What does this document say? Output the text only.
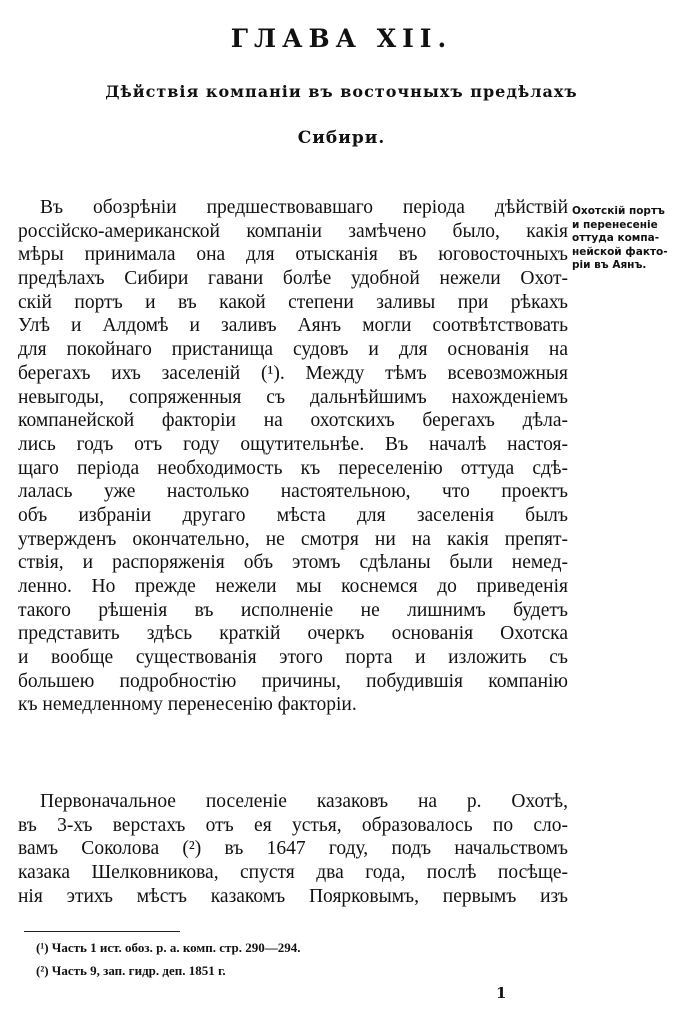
ГЛАВА XII.
Дѣйствія компаніи въ восточныхъ предѣлахъ
Сибири.
Охотскій портъ
и перенесеніе
оттуда компа-
нейской факто-
ріи въ Аянъ.
Въ обозрѣніи предшествовавшаго періода дѣйствій
россійско-американской компаніи замѣчено было, какія
мѣры принимала она для отысканія въ юговосточныхъ
предѣлахъ Сибири гавани болѣе удобной нежели Охот-
скій портъ и въ какой степени заливы при рѣкахъ
Улѣ и Алдомѣ и заливъ Аянъ могли соотвѣтствовать
для покойнаго пристанища судовъ и для основанія на
берегахъ ихъ заселеній (¹). Между тѣмъ всевозможныя
невыгоды, сопряженныя съ дальнѣйшимъ нахожденіемъ
компанейской факторіи на охотскихъ берегахъ дѣла-
лись годъ отъ году ощутительнѣе. Въ началѣ настоя-
щаго періода необходимость къ переселенію оттуда сдѣ-
лалась уже настолько настоятельною, что проектъ
объ избраніи другаго мѣста для заселенія былъ
утвержденъ окончательно, не смотря ни на какія препят-
ствія, и распоряженія объ этомъ сдѣланы были немед-
ленно. Но прежде нежели мы коснемся до приведенія
такого рѣшенія въ исполненіе не лишнимъ будетъ
представить здѣсь краткій очеркъ основанія Охотска
и вообще существованія этого порта и изложить съ
большею подробностію причины, побудившія компанію
къ немедленному перенесенію факторіи.
Первоначальное поселеніе казаковъ на р. Охотѣ,
въ 3-хъ верстахъ отъ ея устья, образовалось по сло-
вамъ Соколова (²) въ 1647 году, подъ начальствомъ
казака Шелковникова, спустя два года, послѣ посѣще-
нія этихъ мѣстъ казакомъ Поярковымъ, первымъ изъ
(¹) Часть 1 ист. обоз. р. а. комп. стр. 290—294.
(²) Часть 9, зап. гидр. деп. 1851 г.
1
